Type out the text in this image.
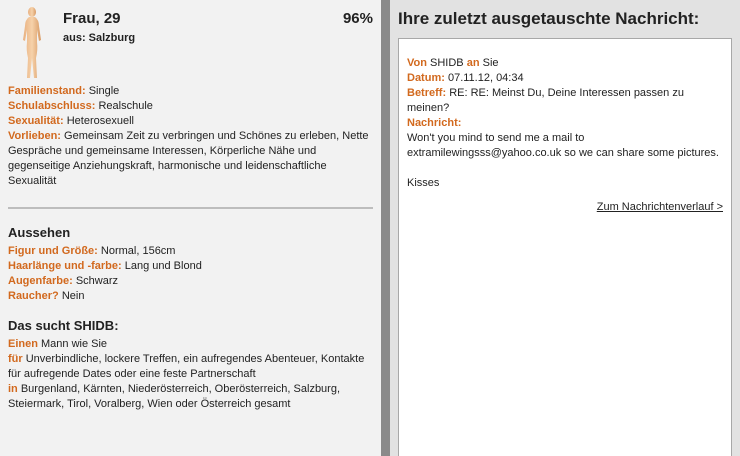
Frau, 29
aus: Salzburg
96%
Familienstand: Single
Schulabschluss: Realschule
Sexualität: Heterosexuell
Vorlieben: Gemeinsam Zeit zu verbringen und Schönes zu erleben, Nette Gespräche und gemeinsame Interessen, Körperliche Nähe und gegenseitige Anziehungskraft, harmonische und leidenschaftliche Sexualität
Aussehen
Figur und Größe: Normal, 156cm
Haarlänge und -farbe: Lang und Blond
Augenfarbe: Schwarz
Raucher? Nein
Das sucht SHIDB:
Einen Mann wie Sie
für Unverbindliche, lockere Treffen, ein aufregendes Abenteuer, Kontakte für aufregende Dates oder eine feste Partnerschaft
in Burgenland, Kärnten, Niederösterreich, Oberösterreich, Salzburg, Steiermark, Tirol, Voralberg, Wien oder Österreich gesamt
Ihre zuletzt ausgetauschte Nachricht:
Von SHIDB an Sie
Datum: 07.11.12, 04:34
Betreff: RE: RE: Meinst Du, Deine Interessen passen zu meinen?
Nachricht:
Won't you mind to send me a mail to extramilewingsss@yahoo.co.uk so we can share some pictures.
Kisses
Zum Nachrichtenverlauf >
